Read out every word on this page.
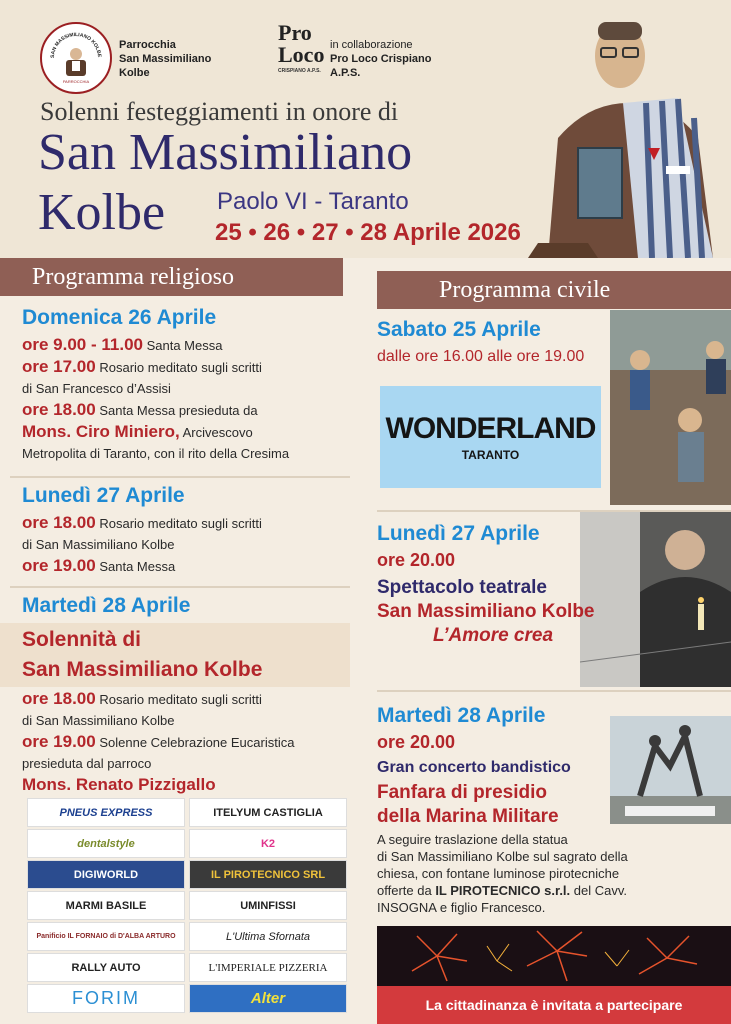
SAN MASSIMILIANO KOLBE
PARROCCHIA
Parrocchia
San Massimiliano
Kolbe
Pro
Loco
CRISPIANO A.P.S.
in collaborazione
Pro Loco Crispiano
A.P.S.
Solenni festeggiamenti in onore di
San Massimiliano
Kolbe Paolo VI - Taranto
25 • 26 • 27 • 28 Aprile 2026
Programma religioso
Domenica 26 Aprile
ore 9.00 - 11.00 Santa Messa
ore 17.00 Rosario meditato sugli scritti
di San Francesco d’Assisi
ore 18.00 Santa Messa presieduta da
Mons. Ciro Miniero, Arcivescovo
Metropolita di Taranto, con il rito della Cresima
Lunedì 27 Aprile
ore 18.00 Rosario meditato sugli scritti
di San Massimiliano Kolbe
ore 19.00 Santa Messa
Martedì 28 Aprile
Solennità di
San Massimiliano Kolbe
ore 18.00 Rosario meditato sugli scritti
di San Massimiliano Kolbe
ore 19.00 Solenne Celebrazione Eucaristica
presieduta dal parroco
Mons. Renato Pizzigallo
PNEUS EXPRESS	ITELYUM CASTIGLIA
dentalstyle	K2
DIGIWORLD	IL PIROTECNICO SRL
MARMI BASILE	UMINFISSI
Panificio IL FORNAIO di D'ALBA ARTURO	L'Ultima Sfornata
RALLY AUTO	L'IMPERIALE PIZZERIA
FORIM	Alter
Programma civile
Sabato 25 Aprile
dalle ore 16.00 alle ore 19.00
WONDERLAND
TARANTO
Lunedì 27 Aprile
ore 20.00
Spettacolo teatrale
San Massimiliano Kolbe
L’Amore crea
Martedì 28 Aprile
ore 20.00
Gran concerto bandistico
Fanfara di presidio
della Marina Militare
A seguire traslazione della statua
di San Massimiliano Kolbe sul sagrato della
chiesa, con fontane luminose pirotecniche
offerte da IL PIROTECNICO s.r.l. del Cavv.
INSOGNA e figlio Francesco.
La cittadinanza è invitata a partecipare
